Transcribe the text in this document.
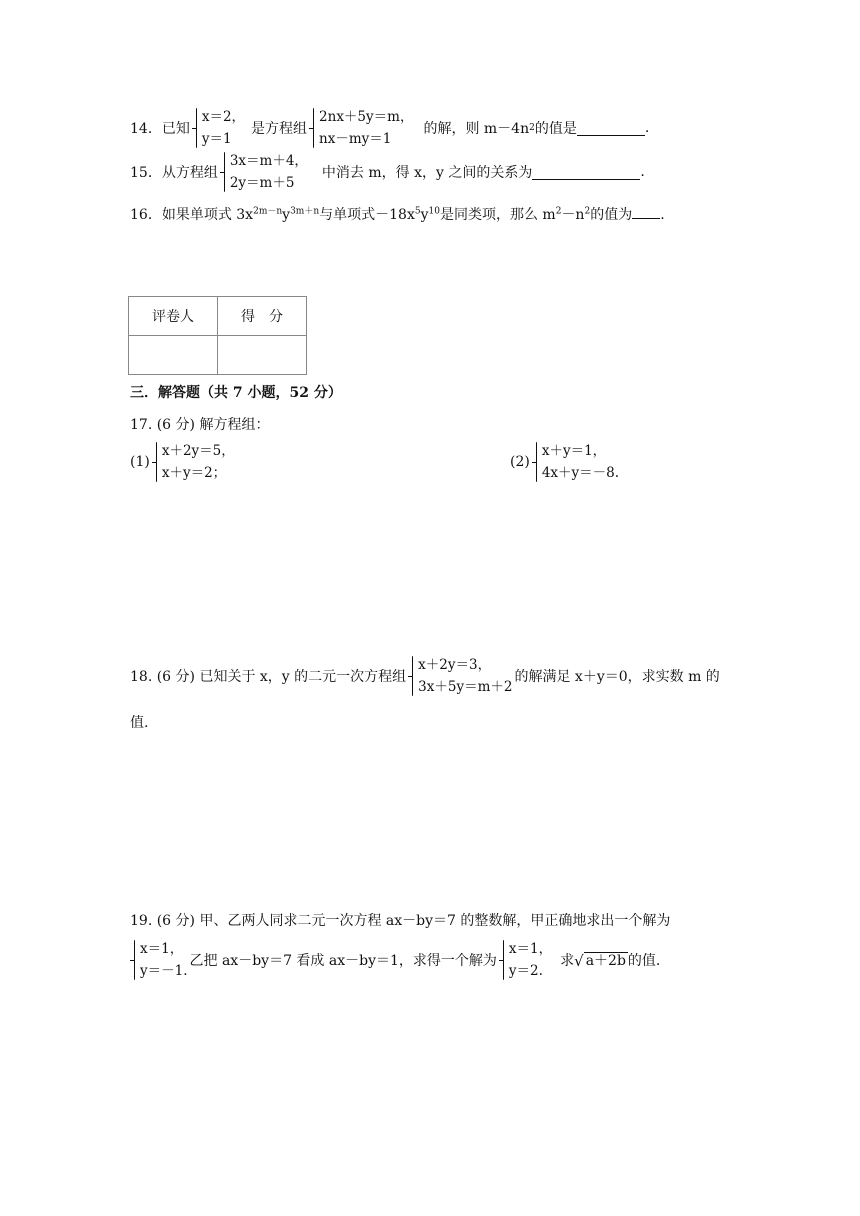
14． 已知
x＝2，
y＝1
是方程组
2nx＋5y＝m，
nx－my＝1
的解，则 m－4n 2 的值是	.
15． 从方程组
3x＝m＋4，
2y＝m＋5
中消去 m，得 x，y 之间的关系为	.
16．如果单项式 $3x^{2m-n}y^{3m+n}$与单项式$-18x^5y^{10}$是同类项，那么 $m^2-n^2$的值为 .
评卷人	得　分

三．解答题（共 7 小题，52 分）
17. (6 分) 解方程组：
(1)
x＋2y＝5，
x＋y＝2；
(2)
x＋y＝1，
4x＋y＝－8.
18. (6 分) 已知关于 x，y 的二元一次方程组
x＋2y＝3，
3x＋5y＝m＋2
的解满足 x＋y＝0，求实数 m 的
值.
19. (6 分) 甲、乙两人同求二元一次方程 ax－by＝7 的整数解，甲正确地求出一个解为
x＝1，
y＝－1.
乙把 ax－by＝7 看成 ax－by＝1，求得一个解为
x＝1，
y＝2.
求 √ a＋2b 的值.
